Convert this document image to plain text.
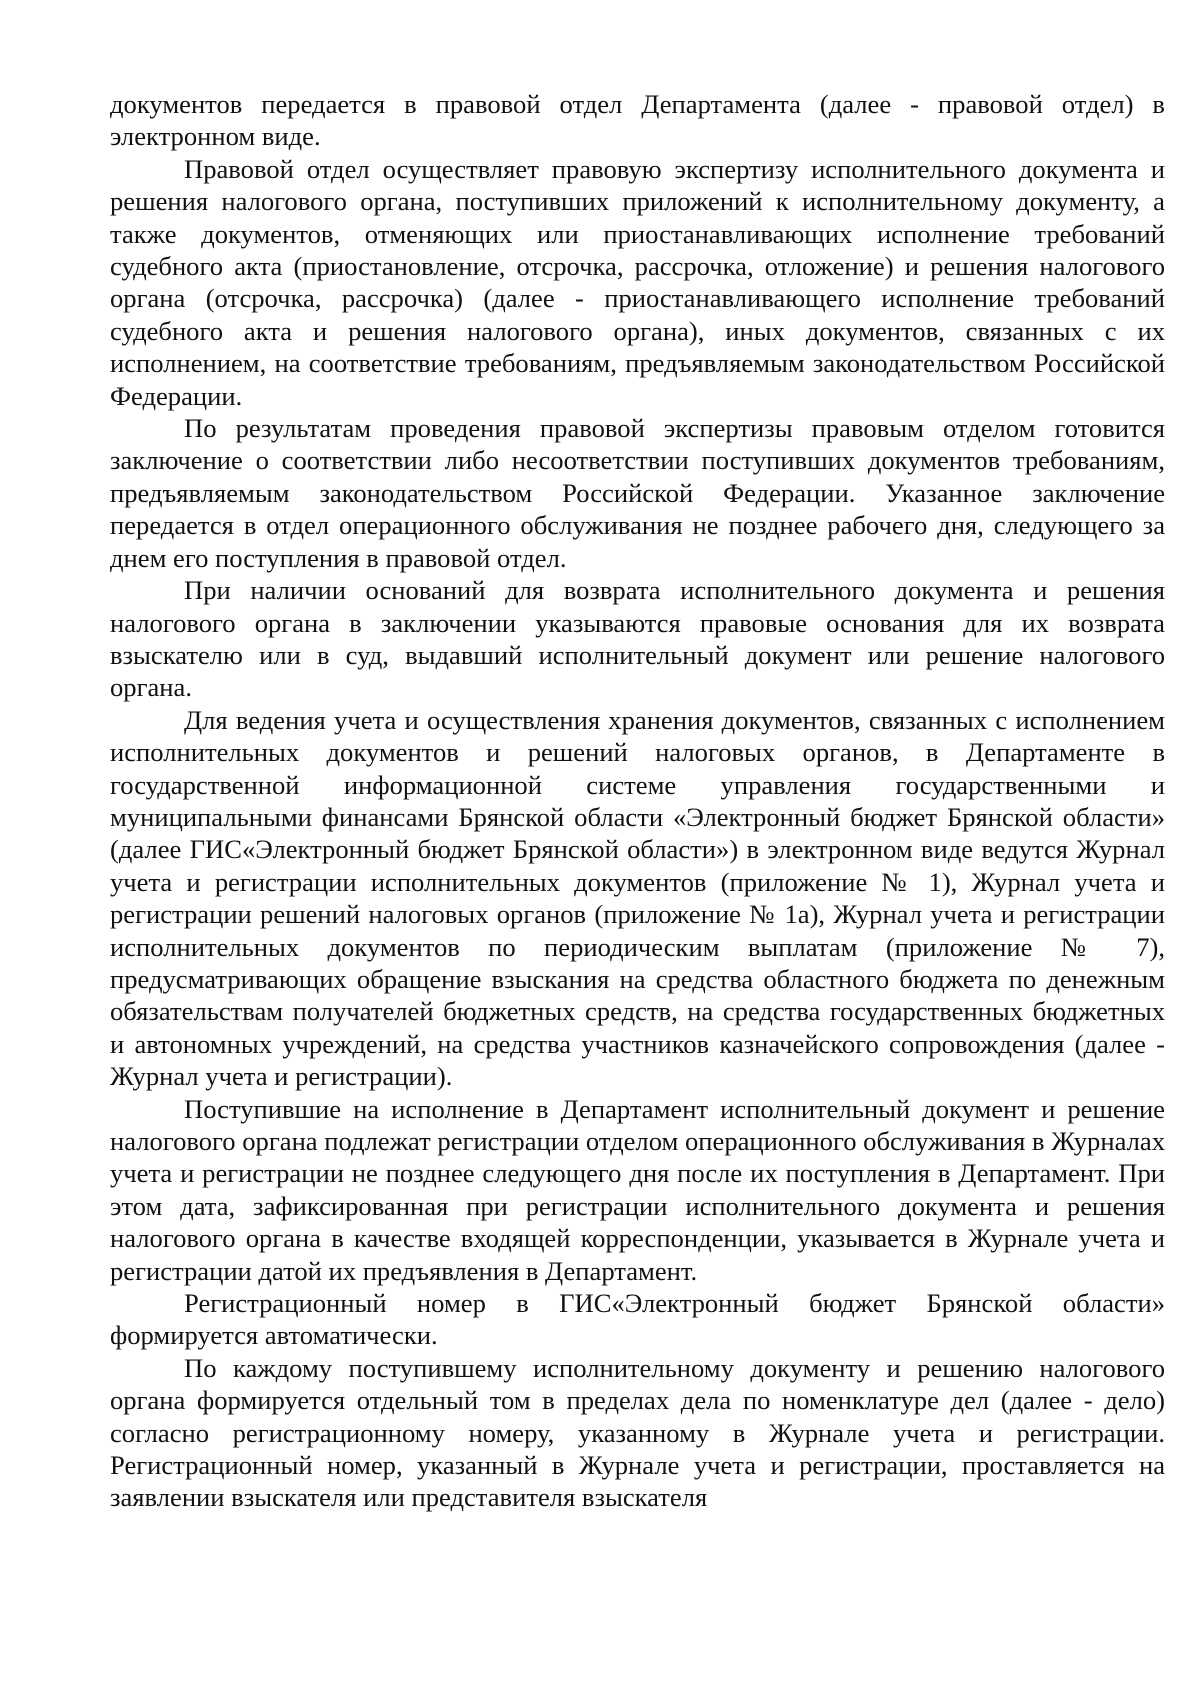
документов передается в правовой отдел Департамента (далее - правовой отдел) в электронном виде.

Правовой отдел осуществляет правовую экспертизу исполнительного документа и решения налогового органа, поступивших приложений к исполнительному документу, а также документов, отменяющих или приостанавливающих исполнение требований судебного акта (приостановление, отсрочка, рассрочка, отложение) и решения налогового органа (отсрочка, рассрочка) (далее - приостанавливающего исполнение требований судебного акта и решения налогового органа), иных документов, связанных с их исполнением, на соответствие требованиям, предъявляемым законодательством Российской Федерации.

По результатам проведения правовой экспертизы правовым отделом готовится заключение о соответствии либо несоответствии поступивших документов требованиям, предъявляемым законодательством Российской Федерации. Указанное заключение передается в отдел операционного обслуживания не позднее рабочего дня, следующего за днем его поступления в правовой отдел.

При наличии оснований для возврата исполнительного документа и решения налогового органа в заключении указываются правовые основания для их возврата взыскателю или в суд, выдавший исполнительный документ или решение налогового органа.

Для ведения учета и осуществления хранения документов, связанных с исполнением исполнительных документов и решений налоговых органов, в Департаменте в государственной информационной системе управления государственными и муниципальными финансами Брянской области «Электронный бюджет Брянской области» (далее ГИС«Электронный бюджет Брянской области») в электронном виде ведутся Журнал учета и регистрации исполнительных документов (приложение № 1), Журнал учета и регистрации решений налоговых органов (приложение № 1а), Журнал учета и регистрации исполнительных документов по периодическим выплатам (приложение № 7), предусматривающих обращение взыскания на средства областного бюджета по денежным обязательствам получателей бюджетных средств, на средства государственных бюджетных и автономных учреждений, на средства участников казначейского сопровождения (далее - Журнал учета и регистрации).

Поступившие на исполнение в Департамент исполнительный документ и решение налогового органа подлежат регистрации отделом операционного обслуживания в Журналах учета и регистрации не позднее следующего дня после их поступления в Департамент. При этом дата, зафиксированная при регистрации исполнительного документа и решения налогового органа в качестве входящей корреспонденции, указывается в Журнале учета и регистрации датой их предъявления в Департамент.

Регистрационный номер в ГИС«Электронный бюджет Брянской области» формируется автоматически.

По каждому поступившему исполнительному документу и решению налогового органа формируется отдельный том в пределах дела по номенклатуре дел (далее - дело) согласно регистрационному номеру, указанному в Журнале учета и регистрации. Регистрационный номер, указанный в Журнале учета и регистрации, проставляется на заявлении взыскателя или представителя взыскателя
